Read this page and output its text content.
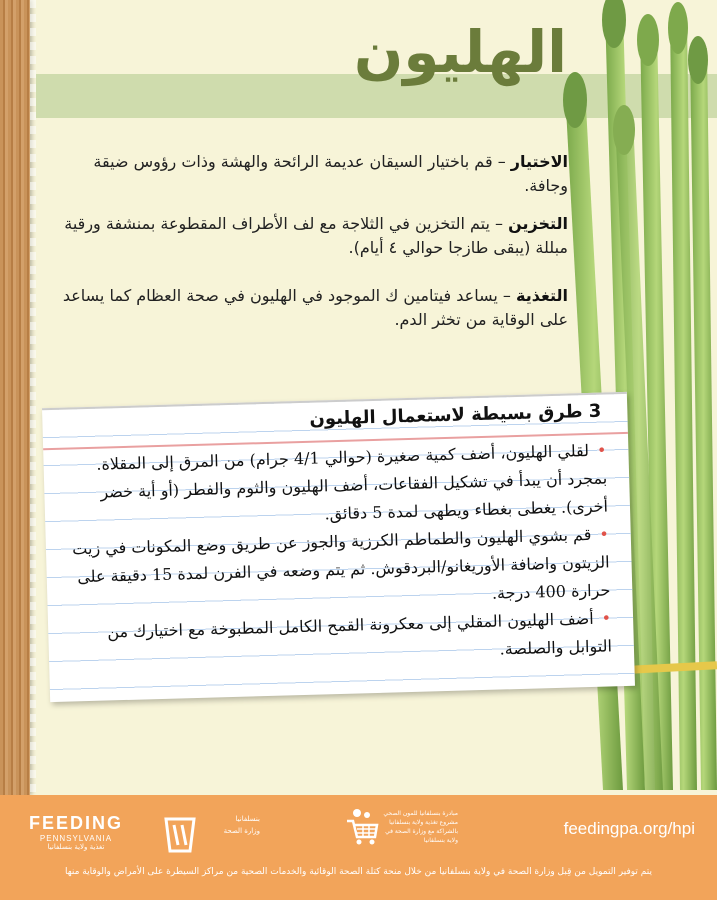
الهليون
الاختيار – قم باختيار السيقان عديمة الرائحة والهشة وذات رؤوس ضيقة وجافة.
التخزين – يتم التخزين في الثلاجة مع لف الأطراف المقطوعة بمنشفة ورقية مبللة (يبقى طازجا حوالي ٤ أيام).
التغذية – يساعد فيتامين ك الموجود في الهليون في صحة العظام كما يساعد على الوقاية من تخثر الدم.
3 طرق بسيطة لاستعمال الهليون
•لقلي الهليون، أضف كمية صغيرة (حوالي 4/1 جرام) من المرق إلى المقلاة. بمجرد أن يبدأ في تشكيل الفقاعات، أضف الهليون والثوم والفطر (أو أية خضر أخرى). يغطى بغطاء ويطهى لمدة 5 دقائق.
•قم بشوي الهليون والطماطم الكرزية والجوز عن طريق وضع المكونات في زيت الزيتون واضافة الأوريغانو/البردقوش. ثم يتم وضعه في الفرن لمدة 15 دقيقة على حرارة 400 درجة.
•أضف الهليون المقلي إلى معكرونة القمح الكامل المطبوخة مع اختيارك من التوابل والصلصة.
FEEDING
PENNSYLVANIA
تغذية ولاية بنسلفانيا
بنسلفانيا
وزارة الصحة
مبادرة بنسلفانيا للمون الصحي مشروع تغذية ولاية بنسلفانيا بالشراكة مع وزارة الصحة في ولاية بنسلفانيا
feedingpa.org/hpi
يتم توفير التمويل من قِبل وزارة الصحة في ولاية بنسلفانيا من خلال منحة كتلة الصحة الوقائية والخدمات الصحية من مراكز السيطرة على الأمراض والوقاية منها
